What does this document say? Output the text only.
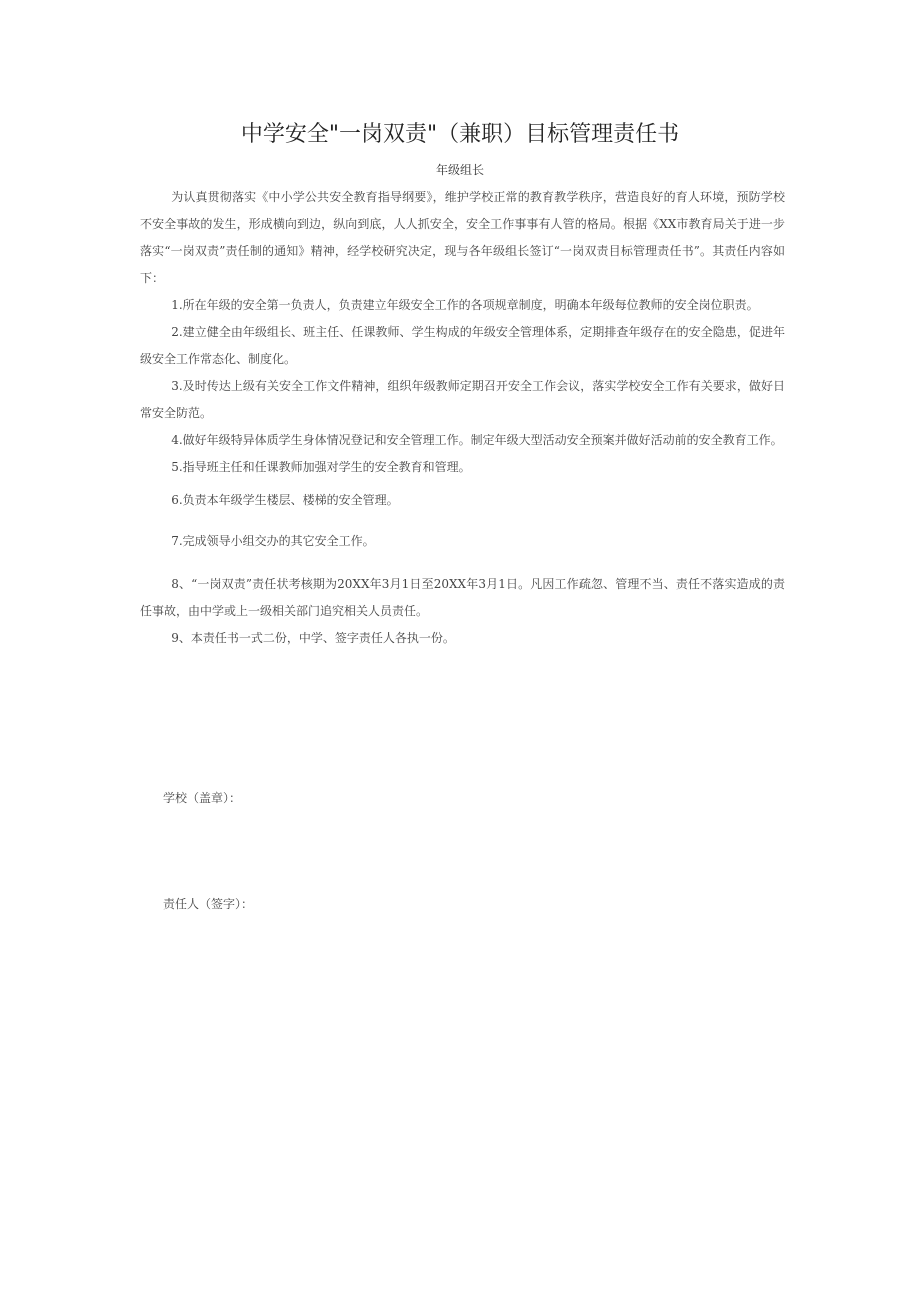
中学安全"一岗双责"（兼职）目标管理责任书
年级组长

为认真贯彻落实《中小学公共安全教育指导纲要》，维护学校正常的教育教学秩序，营造良好的育人环境，预防学校不安全事故的发生，形成横向到边，纵向到底，人人抓安全，安全工作事事有人管的格局。根据《XX市教育局关于进一步落实“一岗双责”责任制的通知》精神，经学校研究决定，现与各年级组长签订“一岗双责目标管理责任书”。其责任内容如下：

1.所在年级的安全第一负责人，负责建立年级安全工作的各项规章制度，明确本年级每位教师的安全岗位职责。

2.建立健全由年级组长、班主任、任课教师、学生构成的年级安全管理体系，定期排查年级存在的安全隐患，促进年级安全工作常态化、制度化。

3.及时传达上级有关安全工作文件精神，组织年级教师定期召开安全工作会议，落实学校安全工作有关要求，做好日常安全防范。

4.做好年级特异体质学生身体情况登记和安全管理工作。制定年级大型活动安全预案并做好活动前的安全教育工作。

5.指导班主任和任课教师加强对学生的安全教育和管理。

6.负责本年级学生楼层、楼梯的安全管理。

7.完成领导小组交办的其它安全工作。

8、“一岗双责”责任状考核期为20XX年3月1日至20XX年3月1日。凡因工作疏忽、管理不当、责任不落实造成的责任事故，由中学或上一级相关部门追究相关人员责任。

9、本责任书一式二份，中学、签字责任人各执一份。

学校（盖章）：
责任人（签字）：
